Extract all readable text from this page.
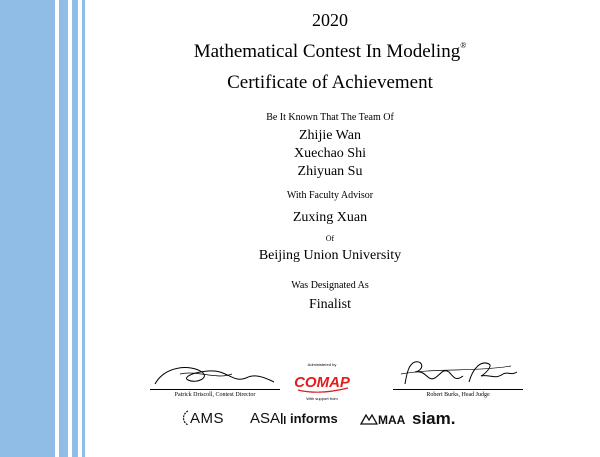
2020
Mathematical Contest In Modeling®
Certificate of Achievement
Be It Known That The Team Of
Zhijie Wan
Xuechao Shi
Zhiyuan Su
With Faculty Advisor
Zuxing Xuan
Of
Beijing Union University
Was Designated As
Finalist
Patrick Driscoll, Contest Director
Administered by
COMAP
With support from
Robert Burks, Head Judge
AMS ASA informs	MAA siam.
